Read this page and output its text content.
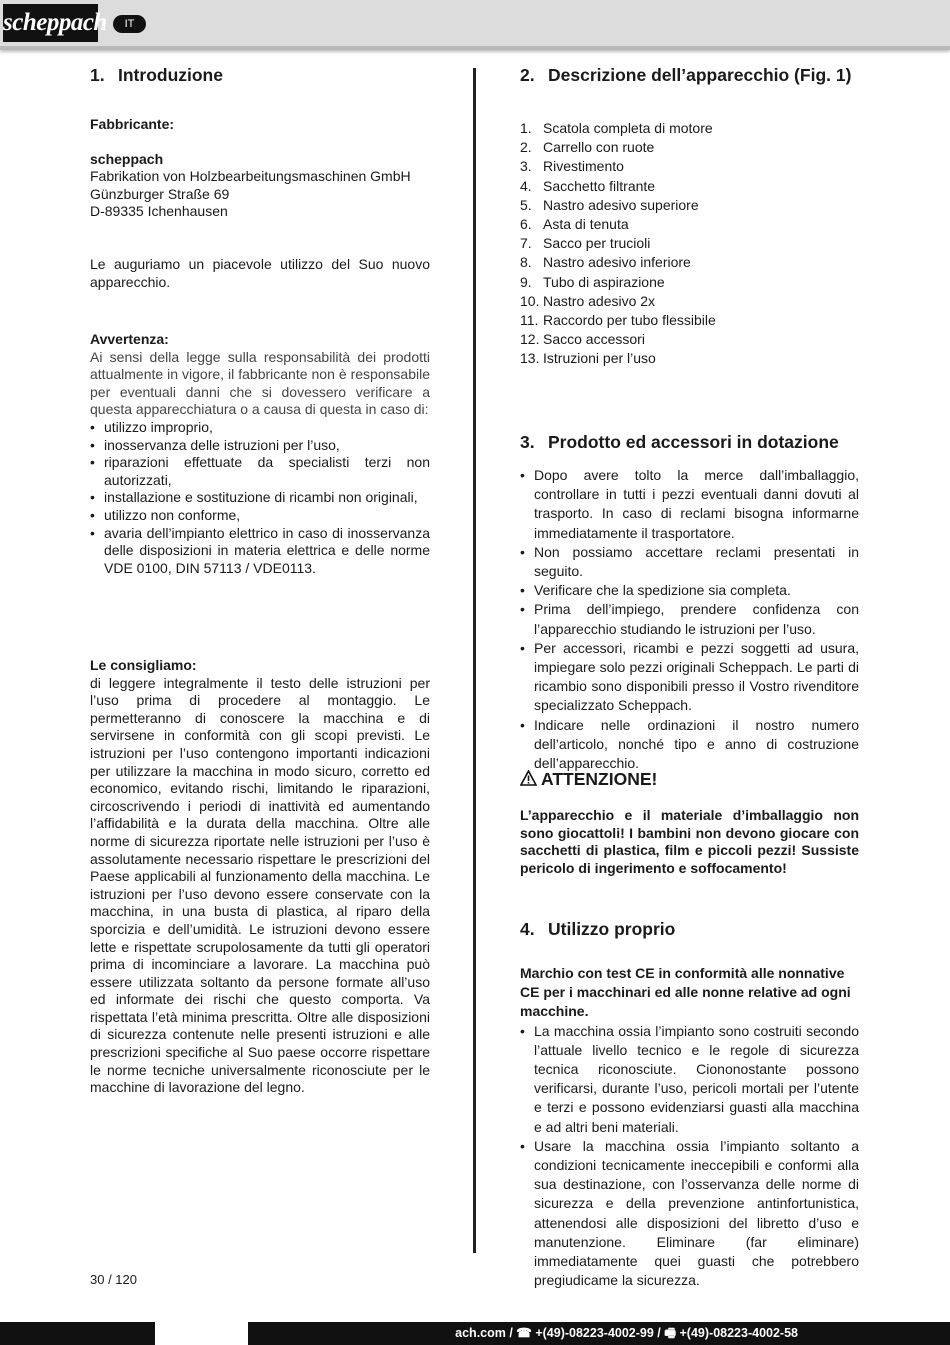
scheppach	IT
1. Introduzione
Fabbricante:
scheppach
Fabrikation von Holzbearbeitungsmaschinen GmbH
Günzburger Straße 69
D-89335 Ichenhausen
Le auguriamo un piacevole utilizzo del Suo nuovo apparecchio.
Avvertenza:
Ai sensi della legge sulla responsabilità dei prodotti attualmente in vigore, il fabbricante non è responsabile per eventuali danni che si dovessero verificare a questa apparecchiatura o a causa di questa in caso di:
• utilizzo improprio,
• inosservanza delle istruzioni per l’uso,
• riparazioni effettuate da specialisti terzi non autorizzati,
• installazione e sostituzione di ricambi non originali,
• utilizzo non conforme,
• avaria dell’impianto elettrico in caso di inosservanza delle disposizioni in materia elettrica e delle norme VDE 0100, DIN 57113 / VDE0113.
Le consigliamo:
di leggere integralmente il testo delle istruzioni per l’uso prima di procedere al montaggio. Le permetteranno di conoscere la macchina e di servirsene in conformità con gli scopi previsti. Le istruzioni per l’uso contengono importanti indicazioni per utilizzare la macchina in modo sicuro, corretto ed economico, evitando rischi, limitando le riparazioni, circoscrivendo i periodi di inattività ed aumentando l’affidabilità e la durata della macchina. Oltre alle norme di sicurezza riportate nelle istruzioni per l’uso è assolutamente necessario rispettare le prescrizioni del Paese applicabili al funzionamento della macchina. Le istruzioni per l’uso devono essere conservate con la macchina, in una busta di plastica, al riparo della sporcizia e dell’umidità. Le istruzioni devono essere lette e rispettate scrupolosamente da tutti gli operatori prima di incominciare a lavorare. La macchina può essere utilizzata soltanto da persone formate all’uso ed informate dei rischi che questo comporta. Va rispettata l’età minima prescritta. Oltre alle disposizioni di sicurezza contenute nelle presenti istruzioni e alle prescrizioni specifiche al Suo paese occorre rispettare le norme tecniche universalmente riconosciute per le macchine di lavorazione del legno.
2. Descrizione dell’apparecchio (Fig. 1)
1. Scatola completa di motore
2. Carrello con ruote
3. Rivestimento
4. Sacchetto filtrante
5. Nastro adesivo superiore
6. Asta di tenuta
7. Sacco per trucioli
8. Nastro adesivo inferiore
9. Tubo di aspirazione
10. Nastro adesivo 2x
11. Raccordo per tubo flessibile
12. Sacco accessori
13. Istruzioni per l’uso
3. Prodotto ed accessori in dotazione
• Dopo avere tolto la merce dall’imballaggio, controllare in tutti i pezzi eventuali danni dovuti al trasporto. In caso di reclami bisogna informarne immediatamente il trasportatore.
• Non possiamo accettare reclami presentati in seguito.
• Verificare che la spedizione sia completa.
• Prima dell’impiego, prendere confidenza con l’apparecchio studiando le istruzioni per l’uso.
• Per accessori, ricambi e pezzi soggetti ad usura, impiegare solo pezzi originali Scheppach. Le parti di ricambio sono disponibili presso il Vostro rivenditore specializzato Scheppach.
• Indicare nelle ordinazioni il nostro numero dell’articolo, nonché tipo e anno di costruzione dell’apparecchio.
ATTENZIONE!
L’apparecchio e il materiale d’imballaggio non sono giocattoli! I bambini non devono giocare con sacchetti di plastica, film e piccoli pezzi! Sussiste pericolo di ingerimento e soffocamento!
4. Utilizzo proprio
Marchio con test CE in conformità alle nonnative CE per i macchinari ed alle nonne relative ad ogni macchine.
• La macchina ossia l’impianto sono costruiti secondo l’attuale livello tecnico e le regole di sicurezza tecnica riconosciute. Ciononostante possono verificarsi, durante l’uso, pericoli mortali per l’utente e terzi e possono evidenziarsi guasti alla macchina e ad altri beni materiali.
• Usare la macchina ossia l’impianto soltanto a condizioni tecnicamente ineccepibili e conformi alla sua destinazione, con l’osservanza delle norme di sicurezza e della prevenzione antinfortunistica, attenendosi alle disposizioni del libretto d’uso e manutenzione. Eliminare (far eliminare) immediatamente quei guasti che potrebbero pregiudicame la sicurezza.
30 / 120
ach.com / ☎ +(49)-08223-4002-99 / 🖷 +(49)-08223-4002-58
